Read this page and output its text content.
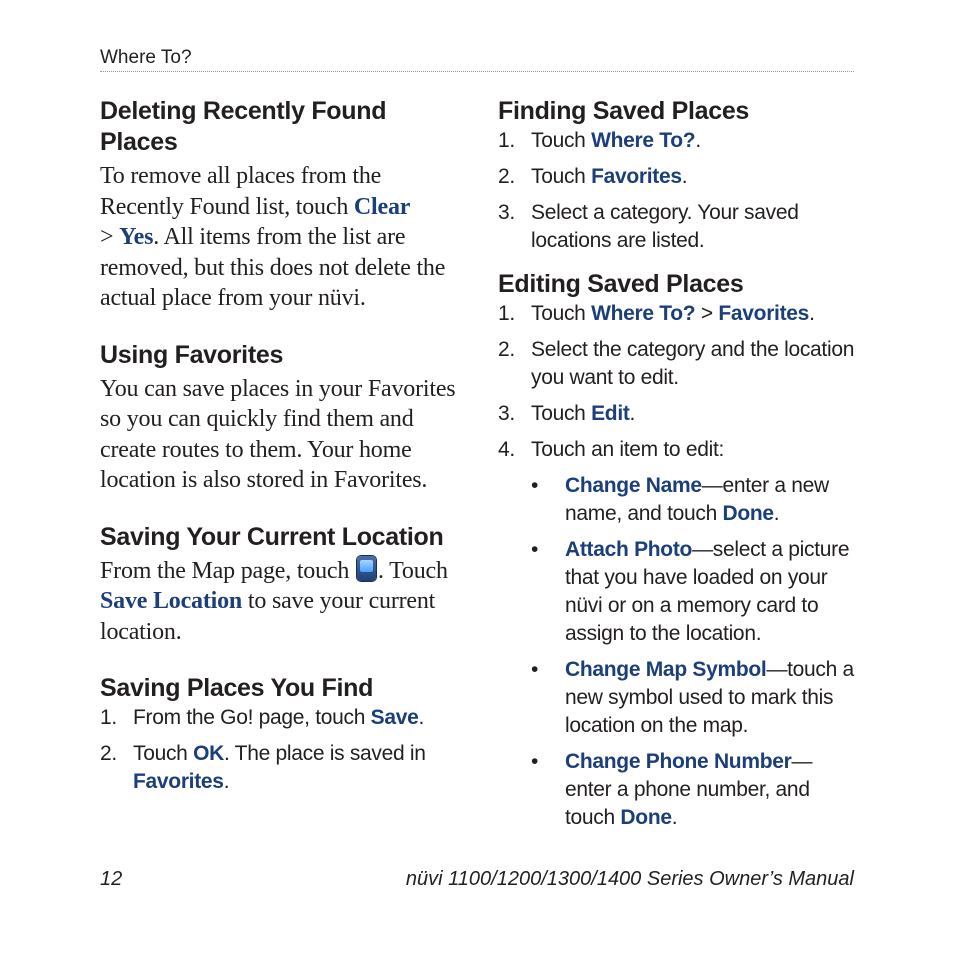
Where To?
Deleting Recently Found Places

To remove all places from the Recently Found list, touch Clear
> Yes. All items from the list are removed, but this does not delete the actual place from your nüvi.

Using Favorites

You can save places in your Favorites so you can quickly find them and create routes to them. Your home location is also stored in Favorites.

Saving Your Current Location

From the Map page, touch . Touch
Save Location to save your current location.

Saving Places You Find
1. From the Go! page, touch Save.
2. Touch OK. The place is saved in Favorites.
Finding Saved Places
1. Touch Where To?.
2. Touch Favorites.
3. Select a category. Your saved locations are listed.
Editing Saved Places
1. Touch Where To? > Favorites.
2. Select the category and the location you want to edit.
3. Touch Edit.
4. Touch an item to edit:
• Change Name—enter a new name, and touch Done.
• Attach Photo—select a picture that you have loaded on your nüvi or on a memory card to assign to the location.
• Change Map Symbol—touch a new symbol used to mark this location on the map.
• Change Phone Number— enter a phone number, and touch Done.
12	nüvi 1100/1200/1300/1400 Series Owner’s Manual
